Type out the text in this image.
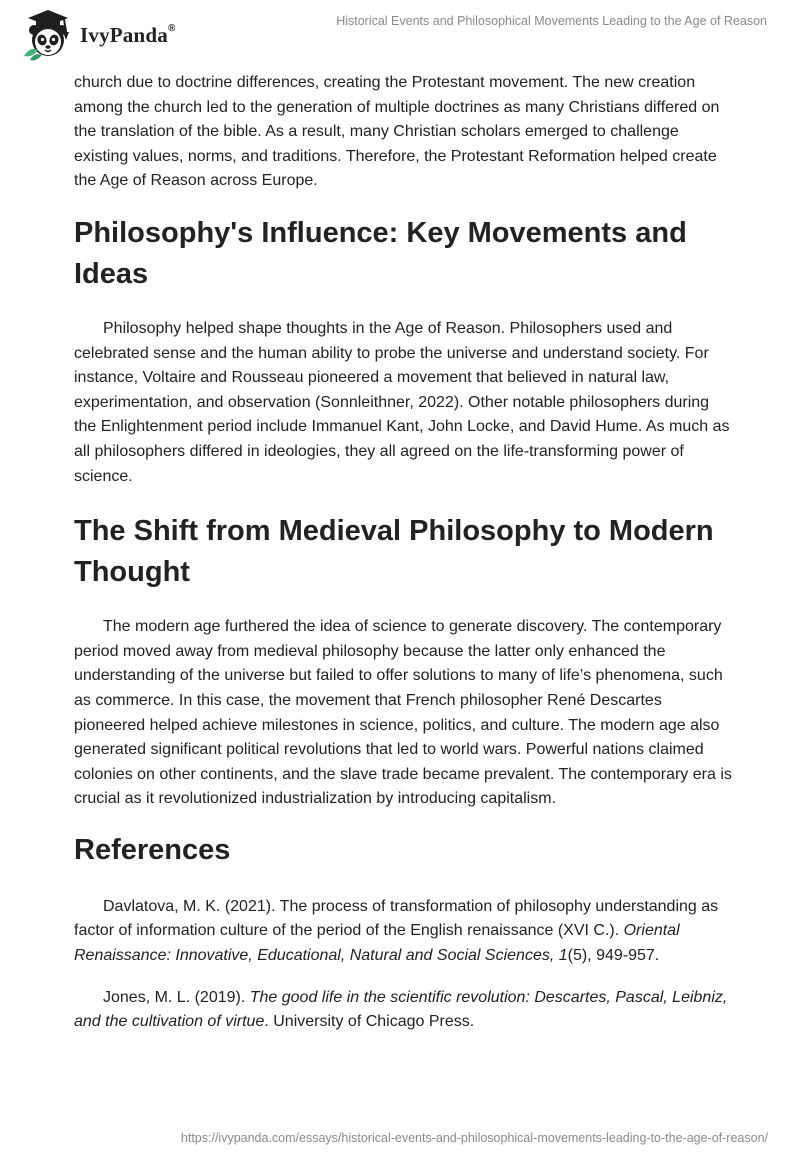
IvyPanda®
Historical Events and Philosophical Movements Leading to the Age of Reason

church due to doctrine differences, creating the Protestant movement. The new creation among the church led to the generation of multiple doctrines as many Christians differed on the translation of the bible. As a result, many Christian scholars emerged to challenge existing values, norms, and traditions. Therefore, the Protestant Reformation helped create the Age of Reason across Europe.

Philosophy's Influence: Key Movements and Ideas

Philosophy helped shape thoughts in the Age of Reason. Philosophers used and celebrated sense and the human ability to probe the universe and understand society. For instance, Voltaire and Rousseau pioneered a movement that believed in natural law, experimentation, and observation (Sonnleithner, 2022). Other notable philosophers during the Enlightenment period include Immanuel Kant, John Locke, and David Hume. As much as all philosophers differed in ideologies, they all agreed on the life-transforming power of science.

The Shift from Medieval Philosophy to Modern Thought

The modern age furthered the idea of science to generate discovery. The contemporary period moved away from medieval philosophy because the latter only enhanced the understanding of the universe but failed to offer solutions to many of life’s phenomena, such as commerce. In this case, the movement that French philosopher René Descartes pioneered helped achieve milestones in science, politics, and culture. The modern age also generated significant political revolutions that led to world wars. Powerful nations claimed colonies on other continents, and the slave trade became prevalent. The contemporary era is crucial as it revolutionized industrialization by introducing capitalism.

References

Davlatova, M. K. (2021). The process of transformation of philosophy understanding as factor of information culture of the period of the English renaissance (XVI C.). Oriental Renaissance: Innovative, Educational, Natural and Social Sciences, 1(5), 949-957.

Jones, M. L. (2019). The good life in the scientific revolution: Descartes, Pascal, Leibniz, and the cultivation of virtue. University of Chicago Press.

https://ivypanda.com/essays/historical-events-and-philosophical-movements-leading-to-the-age-of-reason/
